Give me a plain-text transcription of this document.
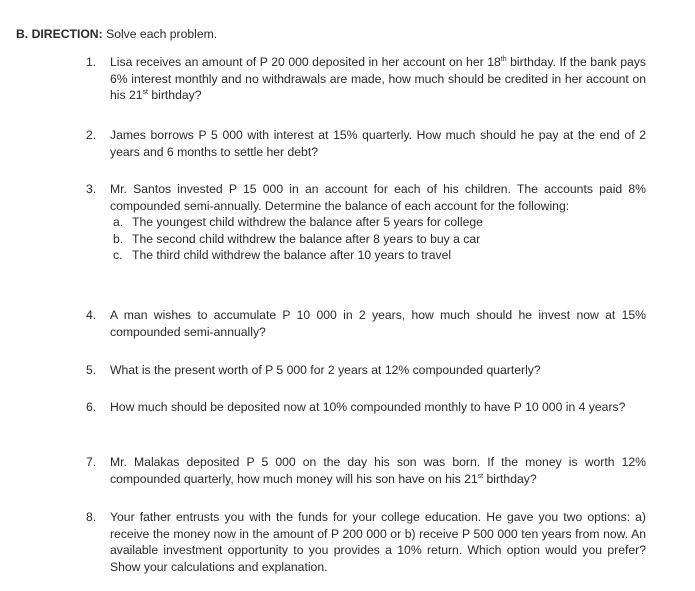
B. DIRECTION: Solve each problem.
1.	Lisa receives an amount of P 20 000 deposited in her account on her 18th birthday. If the bank pays 6% interest monthly and no withdrawals are made, how much should be credited in her account on his 21st birthday?
2.	James borrows P 5 000 with interest at 15% quarterly. How much should he pay at the end of 2 years and 6 months to settle her debt?
3.	Mr. Santos invested P 15 000 in an account for each of his children. The accounts paid 8% compounded semi-annually. Determine the balance of each account for the following:
a. The youngest child withdrew the balance after 5 years for college
b. The second child withdrew the balance after 8 years to buy a car
c. The third child withdrew the balance after 10 years to travel
4.	A man wishes to accumulate P 10 000 in 2 years, how much should he invest now at 15% compounded semi-annually?
5.	What is the present worth of P 5 000 for 2 years at 12% compounded quarterly?
6.	How much should be deposited now at 10% compounded monthly to have P 10 000 in 4 years?
7.	Mr. Malakas deposited P 5 000 on the day his son was born. If the money is worth 12% compounded quarterly, how much money will his son have on his 21st birthday?
8.	Your father entrusts you with the funds for your college education. He gave you two options: a) receive the money now in the amount of P 200 000 or b) receive P 500 000 ten years from now. An available investment opportunity to you provides a 10% return. Which option would you prefer? Show your calculations and explanation.
